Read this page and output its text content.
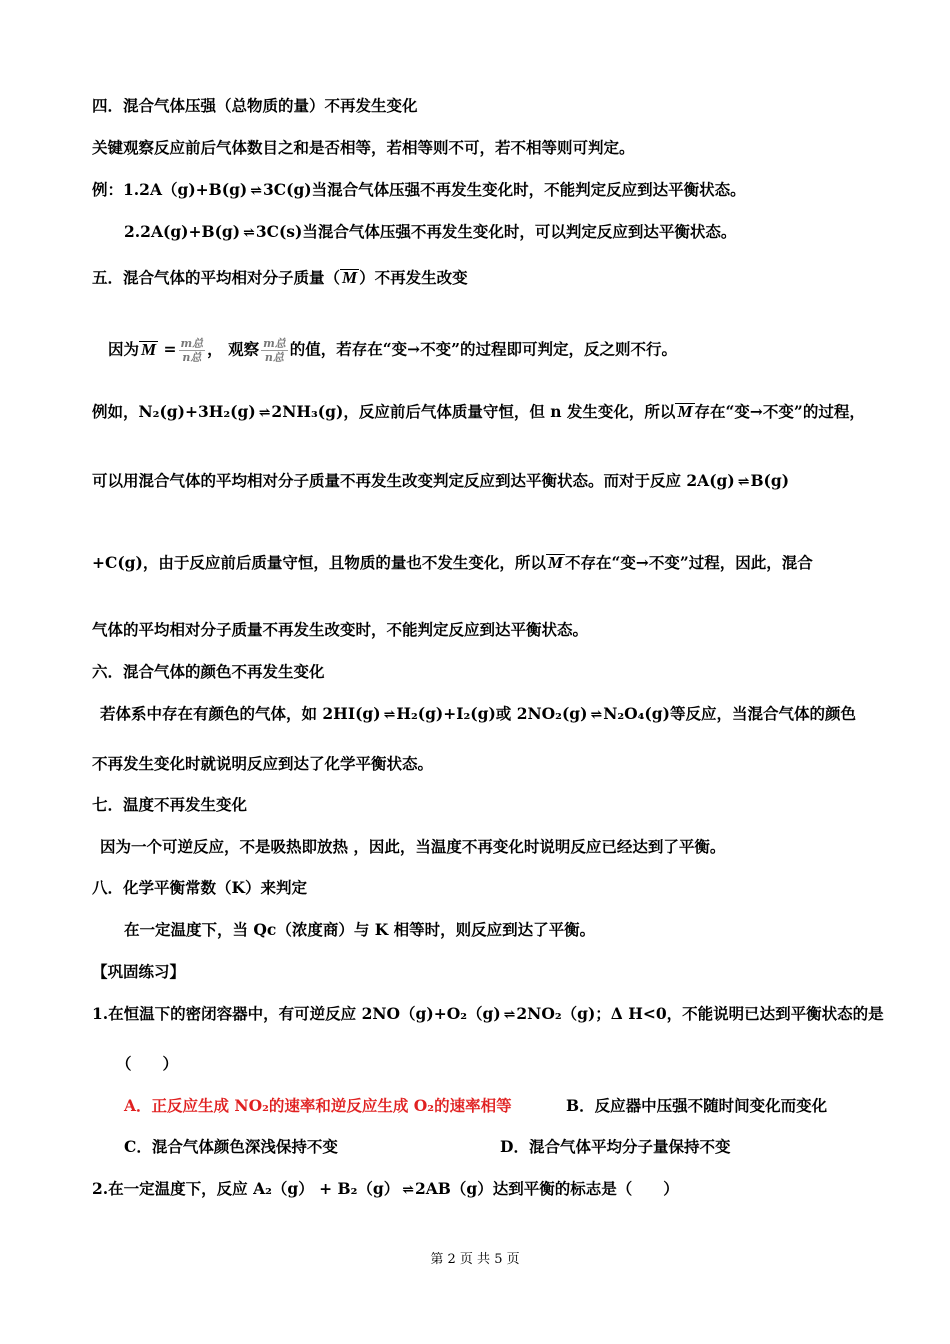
四．混合气体压强（总物质的量）不再发生变化
关键观察反应前后气体数目之和是否相等，若相等则不可，若不相等则可判定。
例：1.2A（g)+B(g) ⇌ 3C(g)当混合气体压强不再发生变化时，不能判定反应到达平衡状态。
2.2A(g)+B(g) ⇌ 3C(s)当混合气体压强不再发生变化时，可以判定反应到达平衡状态。
五．混合气体的平均相对分子质量（ M ）不再发生改变
因为 $M = \frac{\text{m总}}{\text{n总}}$ ， 观察 $\frac{\text{m总}}{\text{n总}}$ 的值，若存在“变→不变”的过程即可判定，反之则不行。
例如，N₂(g)+3H₂(g) ⇌ 2NH₃(g)，反应前后气体质量守恒，但 n 发生变化，所以 M 存在“变→不变”的过程，
可以用混合气体的平均相对分子质量不再发生改变判定反应到达平衡状态。而对于反应 2A(g) ⇌ B(g)
+C(g)，由于反应前后质量守恒，且物质的量也不发生变化，所以 M 不存在“变→不变”过程，因此，混合
气体的平均相对分子质量不再发生改变时，不能判定反应到达平衡状态。
六．混合气体的颜色不再发生变化
若体系中存在有颜色的气体，如 2HI(g) ⇌ H₂(g)+I₂(g)或 2NO₂(g) ⇌ N₂O₄(g)等反应，当混合气体的颜色
不再发生变化时就说明反应到达了化学平衡状态。
七．温度不再发生变化
因为一个可逆反应，不是吸热即放热 ，因此，当温度不再变化时说明反应已经达到了平衡。
八．化学平衡常数（K）来判定
在一定温度下，当 Qc（浓度商）与 K 相等时，则反应到达了平衡。
【巩固练习】
1.在恒温下的密闭容器中，有可逆反应 2NO（g)+O₂（g) ⇌ 2NO₂（g)；Δ H<0，不能说明已达到平衡状态的是
（　　）
A．正反应生成 NO₂的速率和逆反应生成 O₂的速率相等	B．反应器中压强不随时间变化而变化
C．混合气体颜色深浅保持不变	D．混合气体平均分子量保持不变
2.在一定温度下，反应 A₂（g） + B₂（g） ⇌ 2AB（g）达到平衡的标志是（　　）
第 2 页 共 5 页
